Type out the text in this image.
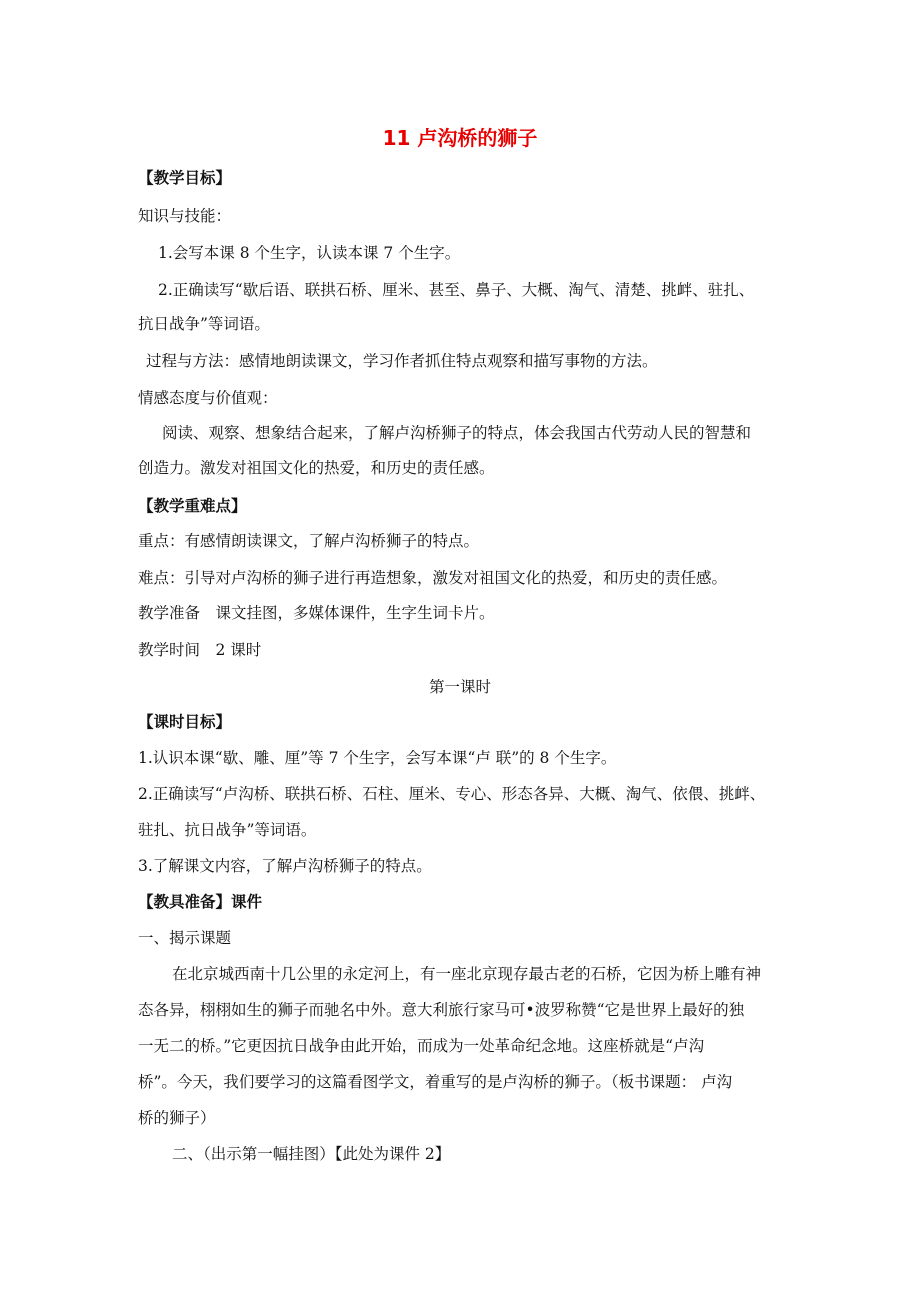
11 卢沟桥的狮子
【教学目标】
知识与技能：
1.会写本课 8 个生字，认读本课 7 个生字。
2.正确读写“歇后语、联拱石桥、厘米、甚至、鼻子、大概、淘气、清楚、挑衅、驻扎、
抗日战争”等词语。
过程与方法：感情地朗读课文，学习作者抓住特点观察和描写事物的方法。
情感态度与价值观：
阅读、观察、想象结合起来，了解卢沟桥狮子的特点，体会我国古代劳动人民的智慧和
创造力。激发对祖国文化的热爱，和历史的责任感。
【教学重难点】
重点：有感情朗读课文，了解卢沟桥狮子的特点。
难点：引导对卢沟桥的狮子进行再造想象，激发对祖国文化的热爱，和历史的责任感。
教学准备　课文挂图，多媒体课件，生字生词卡片。
教学时间　2 课时
第一课时
【课时目标】
1.认识本课“歇、雕、厘”等 7 个生字，会写本课“卢 联”的 8 个生字。
2.正确读写“卢沟桥、联拱石桥、石柱、厘米、专心、形态各异、大概、淘气、依偎、挑衅、
驻扎、抗日战争”等词语。
3.了解课文内容，了解卢沟桥狮子的特点。
【教具准备】课件
一、揭示课题
在北京城西南十几公里的永定河上，有一座北京现存最古老的石桥，它因为桥上雕有神
态各异，栩栩如生的狮子而驰名中外。意大利旅行家马可•波罗称赞“它是世界上最好的独
一无二的桥。”它更因抗日战争由此开始，而成为一处革命纪念地。这座桥就是“卢沟
桥”。今天，我们要学习的这篇看图学文，着重写的是卢沟桥的狮子。（板书课题： 卢沟
桥的狮子）
二、（出示第一幅挂图）【此处为课件 2】
